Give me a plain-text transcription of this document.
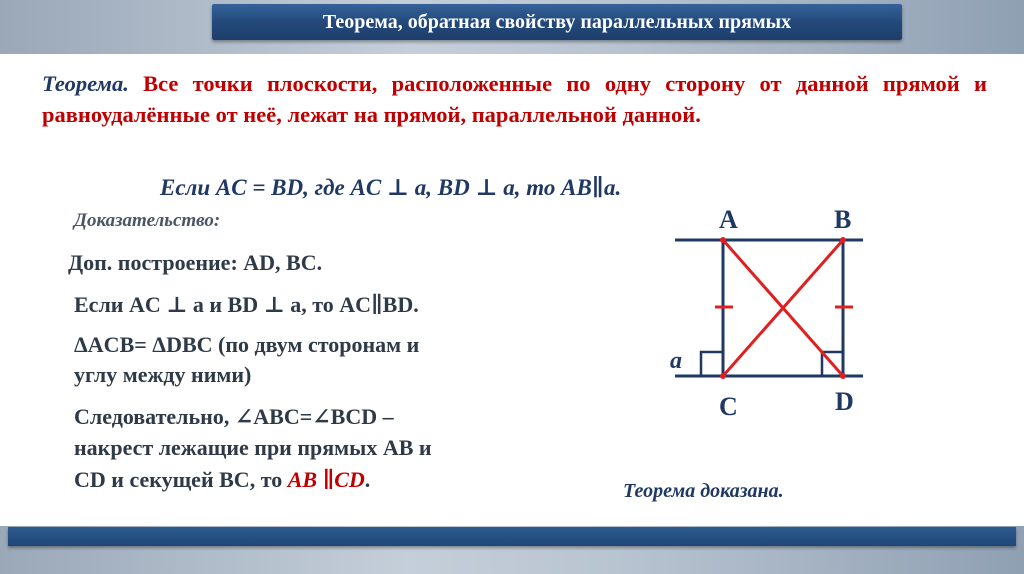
Теорема, обратная свойству параллельных прямых

Теорема. Все точки плоскости, расположенные по одну сторону от данной прямой и равноудалённые от неё, лежат на прямой, параллельной данной.

Если AC = BD, где AC ⊥ a, BD ⊥ a, то AB∥a.

Доказательство:

Доп. построение: AD, BC.

Если AC ⊥ a и BD ⊥ a, то AC∥BD.

ΔACB= ΔDBC (по двум сторонам и

углу между ними)

Следовательно, ∠ABC=∠BCD –

накрест лежащие при прямых AB и

CD и секущей BC, то AB ∥CD.	Теорема доказана.

A	B
C	D
a
